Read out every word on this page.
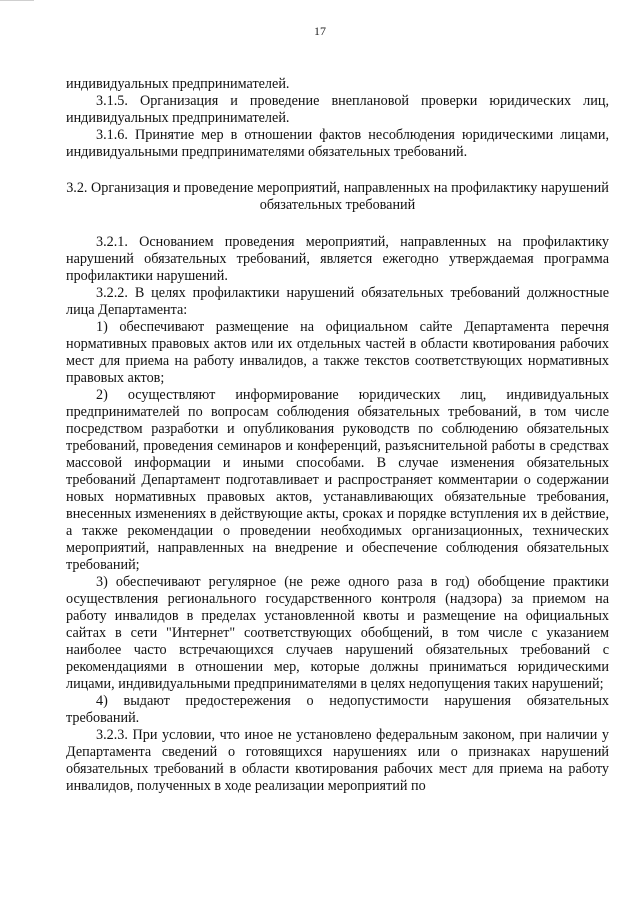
17

индивидуальных предпринимателей.

3.1.5. Организация и проведение внеплановой проверки юридических лиц, индивидуальных предпринимателей.

3.1.6. Принятие мер в отношении фактов несоблюдения юридическими лицами, индивидуальными предпринимателями обязательных требований.

3.2. Организация и проведение мероприятий, направленных на профилактику нарушений обязательных требований

3.2.1. Основанием проведения мероприятий, направленных на профилактику нарушений обязательных требований, является ежегодно утверждаемая программа профилактики нарушений.

3.2.2. В целях профилактики нарушений обязательных требований должностные лица Департамента:

1) обеспечивают размещение на официальном сайте Департамента перечня нормативных правовых актов или их отдельных частей в области квотирования рабочих мест для приема на работу инвалидов, а также текстов соответствующих нормативных правовых актов;

2) осуществляют информирование юридических лиц, индивидуальных предпринимателей по вопросам соблюдения обязательных требований, в том числе посредством разработки и опубликования руководств по соблюдению обязательных требований, проведения семинаров и конференций, разъяснительной работы в средствах массовой информации и иными способами. В случае изменения обязательных требований Департамент подготавливает и распространяет комментарии о содержании новых нормативных правовых актов, устанавливающих обязательные требования, внесенных изменениях в действующие акты, сроках и порядке вступления их в действие, а также рекомендации о проведении необходимых организационных, технических мероприятий, направленных на внедрение и обеспечение соблюдения обязательных требований;

3) обеспечивают регулярное (не реже одного раза в год) обобщение практики осуществления регионального государственного контроля (надзора) за приемом на работу инвалидов в пределах установленной квоты и размещение на официальных сайтах в сети "Интернет" соответствующих обобщений, в том числе с указанием наиболее часто встречающихся случаев нарушений обязательных требований с рекомендациями в отношении мер, которые должны приниматься юридическими лицами, индивидуальными предпринимателями в целях недопущения таких нарушений;

4) выдают предостережения о недопустимости нарушения обязательных требований.

3.2.3. При условии, что иное не установлено федеральным законом, при наличии у Департамента сведений о готовящихся нарушениях или о признаках нарушений обязательных требований в области квотирования рабочих мест для приема на работу инвалидов, полученных в ходе реализации мероприятий по
